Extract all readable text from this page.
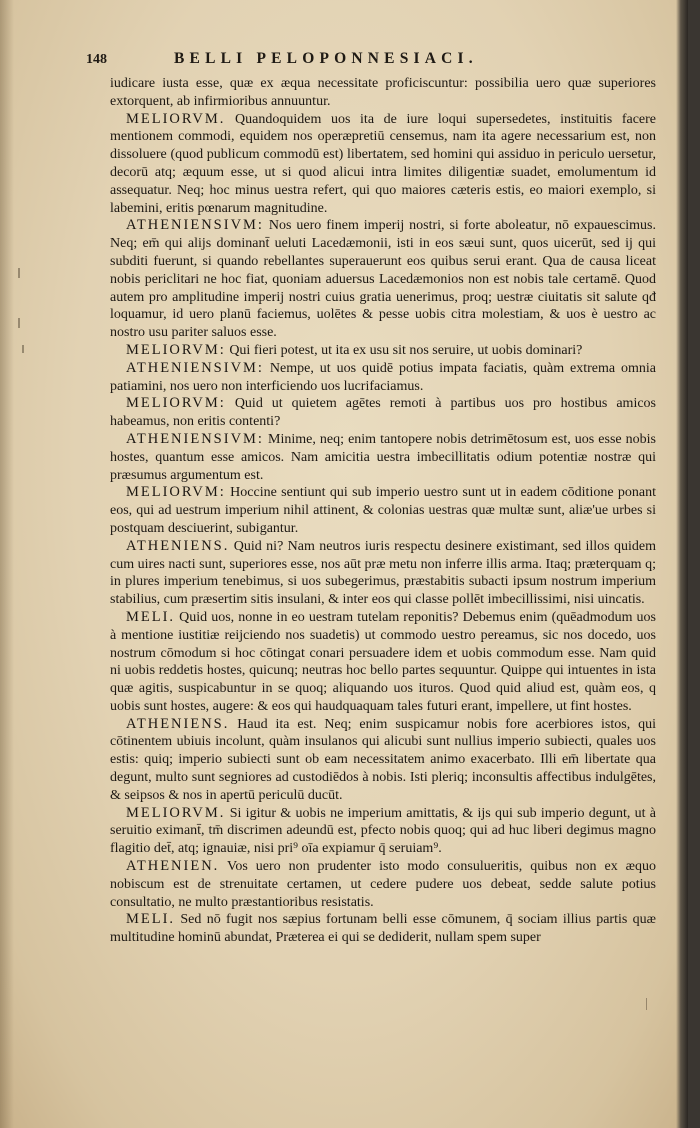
148	BELLI PELOPONNESIACI.

iudicare iusta esse, quæ ex æqua necessitate proficiscuntur: possibilia uero quæ superiores extorquent, ab infirmioribus annuuntur.

MELIORVM. Quandoquidem uos ita de iure loqui supersedetes, instituitis facere mentionem commodi, equidem nos operæpretiū censemus, nam ita agere necessarium est, non dissoluere (quod publicum commodū est) libertatem, sed homini qui assiduo in periculo uersetur, decorū atq; æquum esse, ut si quod alicui intra limites diligentiæ suadet, emolumentum id assequatur. Neq; hoc minus uestra refert, qui quo maiores cæteris estis, eo maiori exemplo, si labemini, eritis pœnarum magnitudine.

ATHENIENSIVM: Nos uero finem imperij nostri, si forte aboleatur, nō expauescimus. Neq; em̄ qui alijs dominant̄ ueluti Lacedæmonii, isti in eos sæui sunt, quos uicerūt, sed ij qui subditi fuerunt, si quando rebellantes superauerunt eos quibus serui erant. Qua de causa liceat nobis periclitari ne hoc fiat, quoniam aduersus Lacedæmonios non est nobis tale certamē. Quod autem pro amplitudine imperij nostri cuius gratia uenerimus, proq; uestræ ciuitatis sit salute qđ loquamur, id uero planū faciemus, uolētes & pesse uobis citra molestiam, & uos è uestro ac nostro usu pariter saluos esse.

MELIORVM: Qui fieri potest, ut ita ex usu sit nos seruire, ut uobis dominari?

ATHENIENSIVM: Nempe, ut uos quidē potius impata faciatis, quàm extrema omnia patiamini, nos uero non interficiendo uos lucrifaciamus.

MELIORVM: Quid ut quietem agētes remoti à partibus uos pro hostibus amicos habeamus, non eritis contenti?

ATHENIENSIVM: Minime, neq; enim tantopere nobis detrimētosum est, uos esse nobis hostes, quantum esse amicos. Nam amicitia uestra imbecillitatis odium potentiæ nostræ qui præsumus argumentum est.

MELIORVM: Hoccine sentiunt qui sub imperio uestro sunt ut in eadem cōditione ponant eos, qui ad uestrum imperium nihil attinent, & colonias uestras quæ multæ sunt, aliæ'ue urbes si postquam desciuerint, subigantur.

ATHENIENS. Quid ni? Nam neutros iuris respectu desinere existimant, sed illos quidem cum uires nacti sunt, superiores esse, nos aūt præ metu non inferre illis arma. Itaq; præterquam q; in plures imperium tenebimus, si uos subegerimus, præstabitis subacti ipsum nostrum imperium stabilius, cum præsertim sitis insulani, & inter eos qui classe pollēt imbecillissimi, nisi uincatis.

MELI. Quid uos, nonne in eo uestram tutelam reponitis? Debemus enim (quēadmodum uos à mentione iustitiæ reijciendo nos suadetis) ut commodo uestro pereamus, sic nos docedo, uos nostrum cōmodum si hoc cōtingat conari persuadere idem et uobis commodum esse. Nam quid ni uobis reddetis hostes, quicunq; neutras hoc bello partes sequuntur. Quippe qui intuentes in ista quæ agitis, suspicabuntur in se quoq; aliquando uos ituros. Quod quid aliud est, quàm eos, q uobis sunt hostes, augere: & eos qui haudquaquam tales futuri erant, impellere, ut fint hostes.

ATHENIENS. Haud ita est. Neq; enim suspicamur nobis fore acerbiores istos, qui cōtinentem ubiuis incolunt, quàm insulanos qui alicubi sunt nullius imperio subiecti, quales uos estis: quiq; imperio subiecti sunt ob eam necessitatem animo exacerbato. Illi em̄ libertate qua degunt, multo sunt segniores ad custodiēdos à nobis. Isti pleriq; inconsultis affectibus indulgētes, & seipsos & nos in apertū periculū ducūt.

MELIORVM. Si igitur & uobis ne imperium amittatis, & ijs qui sub imperio degunt, ut à seruitio eximant̄, tm̄ discrimen adeundū est, pfecto nobis quoq; qui ad huc liberi degimus magno flagitio det̄, atq; ignauiæ, nisi pri⁹ oīa expiamur q̄ seruiam⁹.

ATHENIEN. Vos uero non prudenter isto modo consulueritis, quibus non ex æquo nobiscum est de strenuitate certamen, ut cedere pudere uos debeat, sedde salute potius consultatio, ne multo præstantioribus resistatis.

MELI. Sed nō fugit nos sæpius fortunam belli esse cōmunem, q̄ sociam illius partis quæ multitudine hominū abundat, Præterea ei qui se dediderit, nullam spem super
